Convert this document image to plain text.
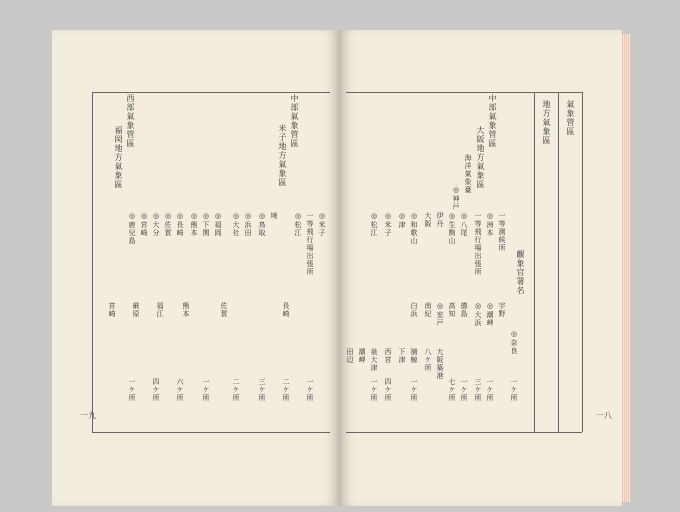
中部氣象管區
米子地方氣象區
西部氣象管區
福岡地方氣象區
◎米子
一等飛行場出張所
◎松江
境
◎鳥取
◎浜田
◎大社
◎福岡
◎下関
◎熊本
◎長崎
◎佐賀
◎大分
◎宮崎
◎鹿兒島
長崎
佐賀
熊本
福江
厳原
宮崎
一ケ所
二ケ所
三ケ所
二ケ所
一ケ所
六ケ所
四ケ所
一ケ所
一九
氣象管區
地方氣象區
觀象官署名
中部氣象管區
大阪地方氣象區
海洋氣象臺
◎神戸
◎奈良
一等測候所
◎洲本
一等飛行場出張所
◎八尾
◎生駒山
伊丹
大阪
◎和歌山
◎津
◎米子
◎松江
宇野
◎潮岬
◎大浜
德島
高知
◎室戸
南紀
白浜
大阪築港
八ケ所
捕鯨
下津
西宮
泉大津
潮岬
田辺
一ケ所
一ケ所
三ケ所
一ケ所
七ケ所
一ケ所
四ケ所
一ケ所
一八
